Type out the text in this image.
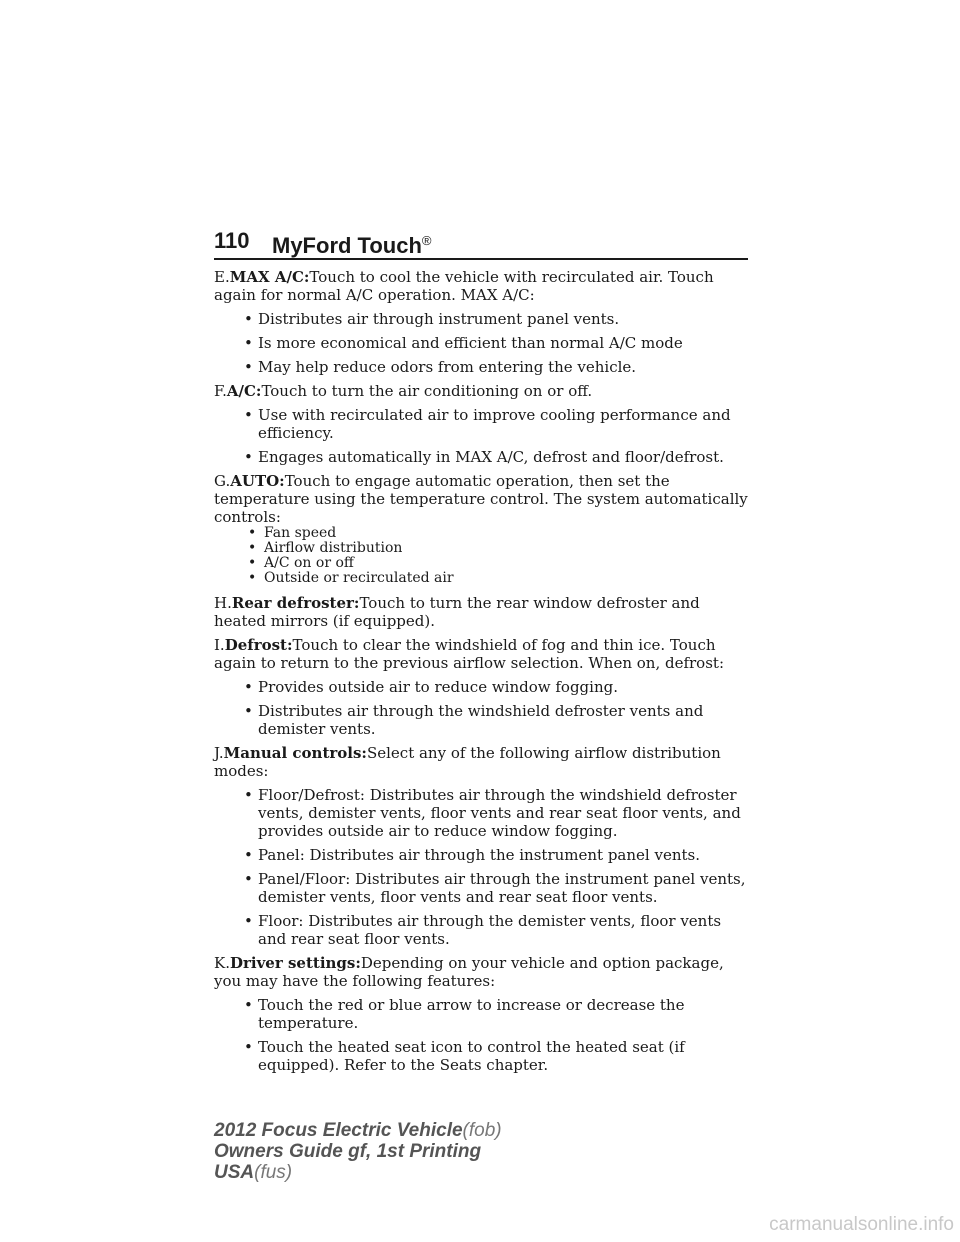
110 MyFord Touch®

E.MAX A/C:Touch to cool the vehicle with recirculated air. Touch again for normal A/C operation. MAX A/C:

• Distributes air through instrument panel vents.
• Is more economical and efficient than normal A/C mode
• May help reduce odors from entering the vehicle.

F.A/C:Touch to turn the air conditioning on or off.

• Use with recirculated air to improve cooling performance and efficiency.
• Engages automatically in MAX A/C, defrost and floor/defrost.

G.AUTO:Touch to engage automatic operation, then set the temperature using the temperature control. The system automatically controls:

• Fan speed
• Airflow distribution
• A/C on or off
• Outside or recirculated air

H.Rear defroster:Touch to turn the rear window defroster and heated mirrors (if equipped).

I.Defrost:Touch to clear the windshield of fog and thin ice. Touch again to return to the previous airflow selection. When on, defrost:

• Provides outside air to reduce window fogging.
• Distributes air through the windshield defroster vents and demister vents.

J.Manual controls:Select any of the following airflow distribution modes:

• Floor/Defrost: Distributes air through the windshield defroster vents, demister vents, floor vents and rear seat floor vents, and provides outside air to reduce window fogging.
• Panel: Distributes air through the instrument panel vents.
• Panel/Floor: Distributes air through the instrument panel vents, demister vents, floor vents and rear seat floor vents.
• Floor: Distributes air through the demister vents, floor vents and rear seat floor vents.

K.Driver settings:Depending on your vehicle and option package, you may have the following features:

• Touch the red or blue arrow to increase or decrease the temperature.
• Touch the heated seat icon to control the heated seat (if equipped). Refer to the Seats chapter.
2012 Focus Electric Vehicle(fob)
Owners Guide gf, 1st Printing
USA(fus)
carmanualsonline.info
